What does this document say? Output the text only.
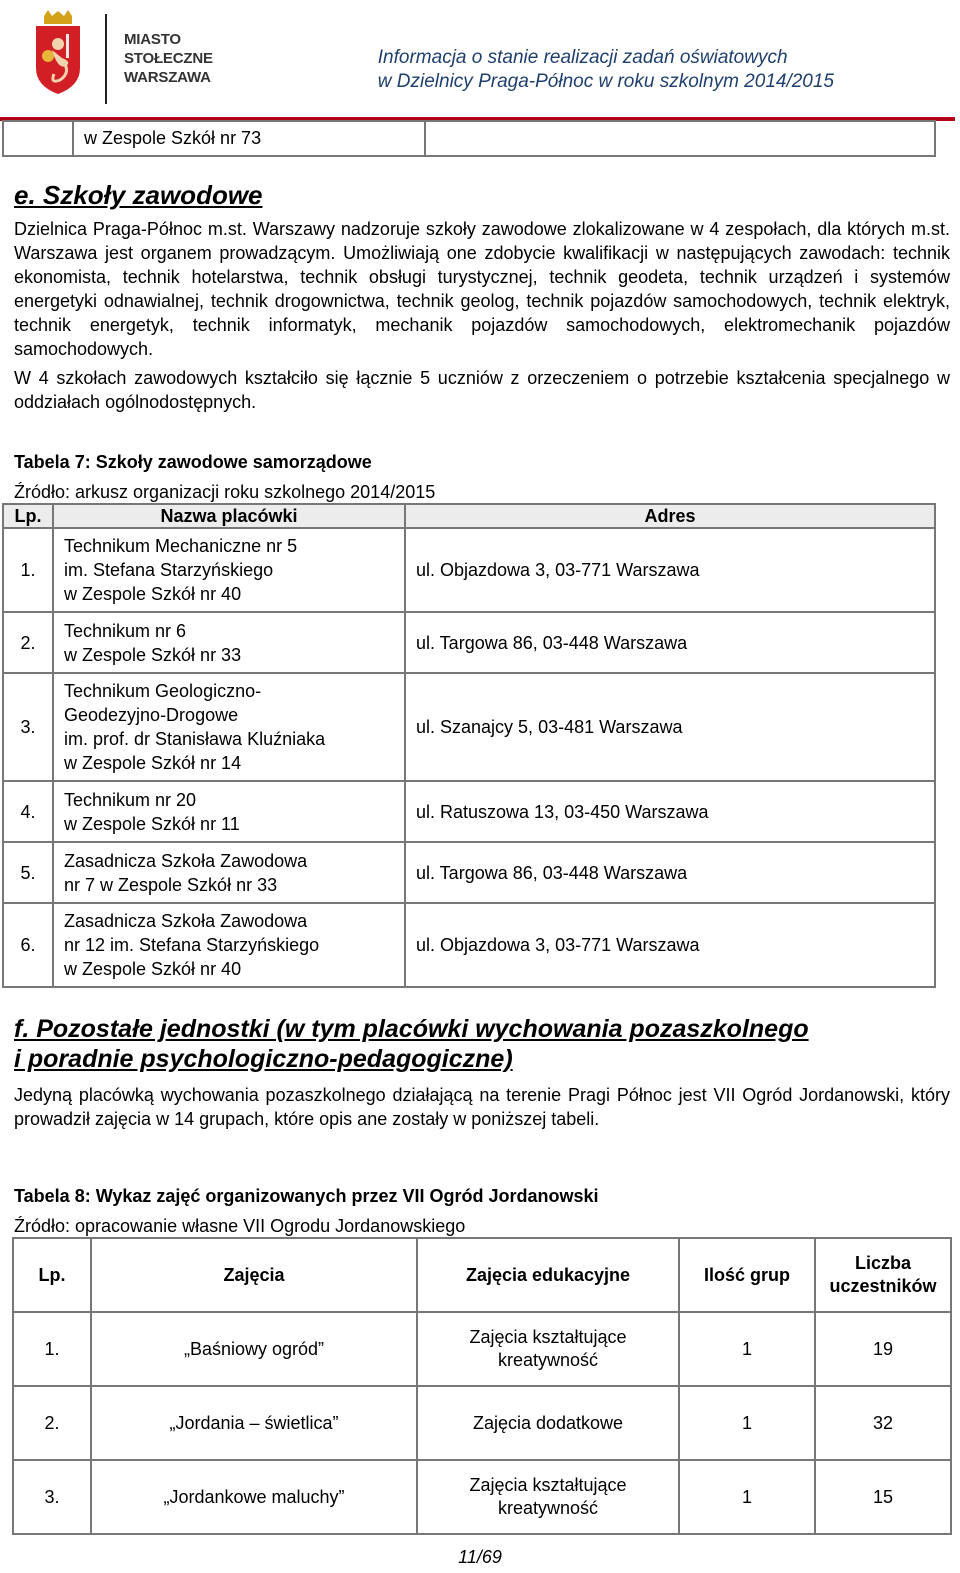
MIASTO
STOŁECZNE
WARSZAWA
Informacja o stanie realizacji zadań oświatowych
w Dzielnicy Praga-Północ w roku szkolnym 2014/2015
	w Zespole Szkół nr 73	
e. Szkoły zawodowe
Dzielnica Praga-Północ m.st. Warszawy nadzoruje szkoły zawodowe zlokalizowane w 4 zespołach, dla których m.st. Warszawa jest organem prowadzącym. Umożliwiają one zdobycie kwalifikacji w następujących zawodach: technik ekonomista, technik hotelarstwa, technik obsługi turystycznej, technik geodeta, technik urządzeń i systemów energetyki odnawialnej, technik drogownictwa, technik geolog, technik pojazdów samochodowych, technik elektryk, technik energetyk, technik informatyk, mechanik pojazdów samochodowych, elektromechanik pojazdów samochodowych.
W 4 szkołach zawodowych kształciło się łącznie 5 uczniów z orzeczeniem o potrzebie kształcenia specjalnego w oddziałach ogólnodostępnych.
Tabela 7: Szkoły zawodowe samorządowe
Źródło: arkusz organizacji roku szkolnego 2014/2015
Lp.	Nazwa placówki	Adres
1.	Technikum Mechaniczne nr 5
im. Stefana Starzyńskiego
w Zespole Szkół nr 40	ul. Objazdowa 3, 03-771 Warszawa
2.	Technikum nr 6
w Zespole Szkół nr 33	ul. Targowa 86, 03-448 Warszawa
3.	Technikum Geologiczno-
Geodezyjno-Drogowe
im. prof. dr Stanisława Kluźniaka
w Zespole Szkół nr 14	ul. Szanajcy 5, 03-481 Warszawa
4.	Technikum nr 20
w Zespole Szkół nr 11	ul. Ratuszowa 13, 03-450 Warszawa
5.	Zasadnicza Szkoła Zawodowa
nr 7 w Zespole Szkół nr 33	ul. Targowa 86, 03-448 Warszawa
6.	Zasadnicza Szkoła Zawodowa
nr 12 im. Stefana Starzyńskiego
w Zespole Szkół nr 40	ul. Objazdowa 3, 03-771 Warszawa
f. Pozostałe jednostki (w tym placówki wychowania pozaszkolnego
i poradnie psychologiczno-pedagogiczne)
Jedyną placówką wychowania pozaszkolnego działającą na terenie Pragi Północ jest VII Ogród Jordanowski, który prowadził zajęcia w 14 grupach, które opis ane zostały w poniższej tabeli.
Tabela 8: Wykaz zajęć organizowanych przez VII Ogród Jordanowski
Źródło: opracowanie własne VII Ogrodu Jordanowskiego
Lp.	Zajęcia	Zajęcia edukacyjne	Ilość grup	Liczba
uczestników
1.	„Baśniowy ogród”	Zajęcia kształtujące
kreatywność	1	19
2.	„Jordania – świetlica”	Zajęcia dodatkowe	1	32
3.	„Jordankowe maluchy”	Zajęcia kształtujące
kreatywność	1	15
11/69
